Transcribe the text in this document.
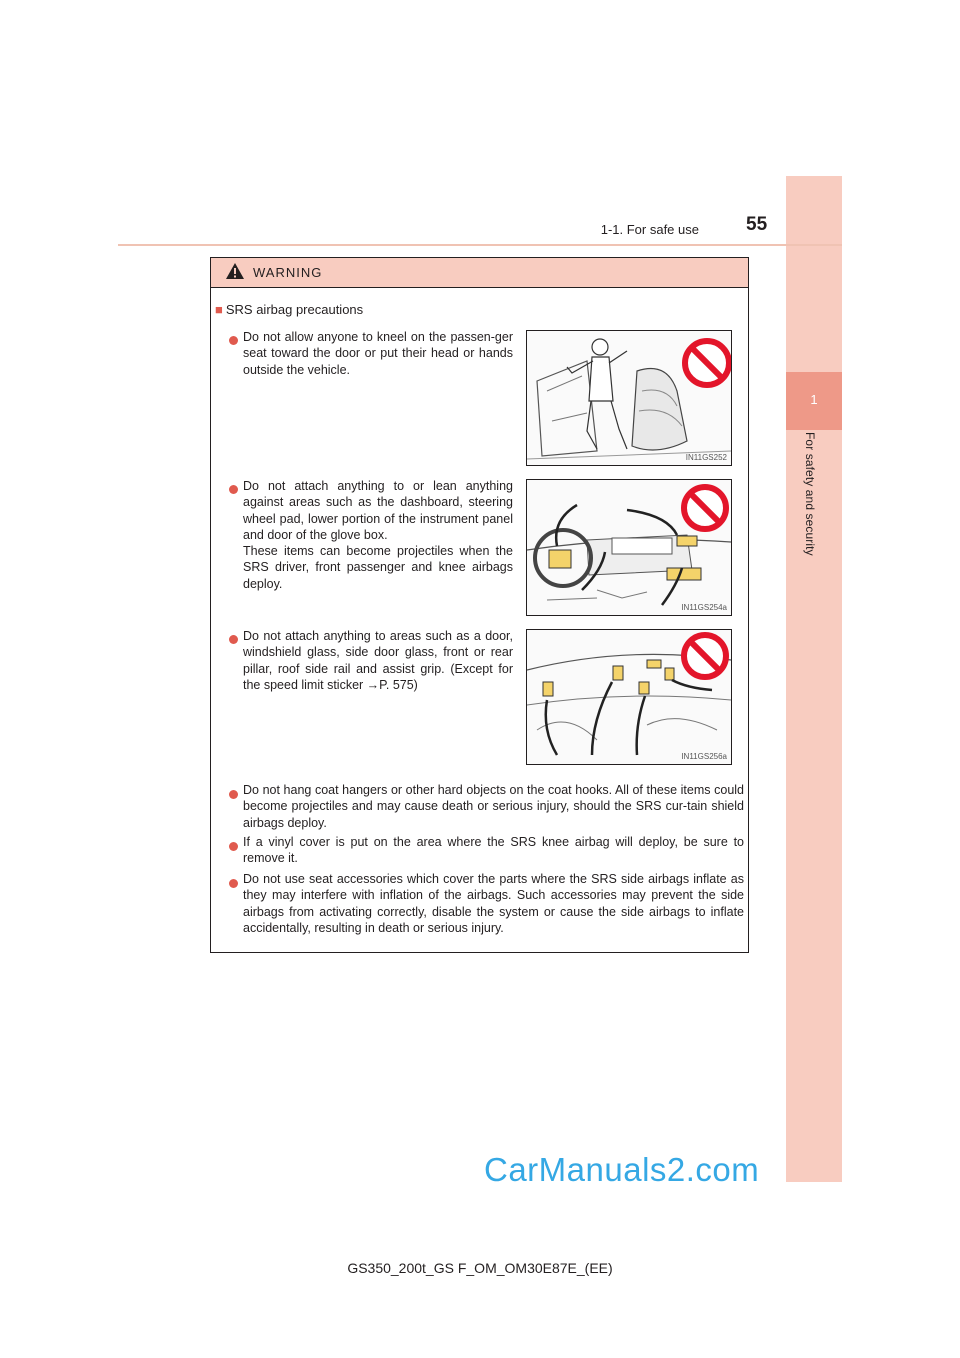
1
For safety and security
1-1. For safe use 55
WARNING
■ SRS airbag precautions
Do not allow anyone to kneel on the passen-ger seat toward the door or put their head or hands outside the vehicle.
IN11GS252
Do not attach anything to or lean anything against areas such as the dashboard, steering wheel pad, lower portion of the instrument panel and door of the glove box.
These items can become projectiles when the SRS driver, front passenger and knee airbags deploy.
IN11GS254a
Do not attach anything to areas such as a door, windshield glass, side door glass, front or rear pillar, roof side rail and assist grip. (Except for the speed limit sticker →P. 575)
IN11GS256a
Do not hang coat hangers or other hard objects on the coat hooks. All of these items could become projectiles and may cause death or serious injury, should the SRS cur-tain shield airbags deploy.
If a vinyl cover is put on the area where the SRS knee airbag will deploy, be sure to remove it.
Do not use seat accessories which cover the parts where the SRS side airbags inflate as they may interfere with inflation of the airbags. Such accessories may prevent the side airbags from activating correctly, disable the system or cause the side airbags to inflate accidentally, resulting in death or serious injury.
CarManuals2.com
GS350_200t_GS F_OM_OM30E87E_(EE)
